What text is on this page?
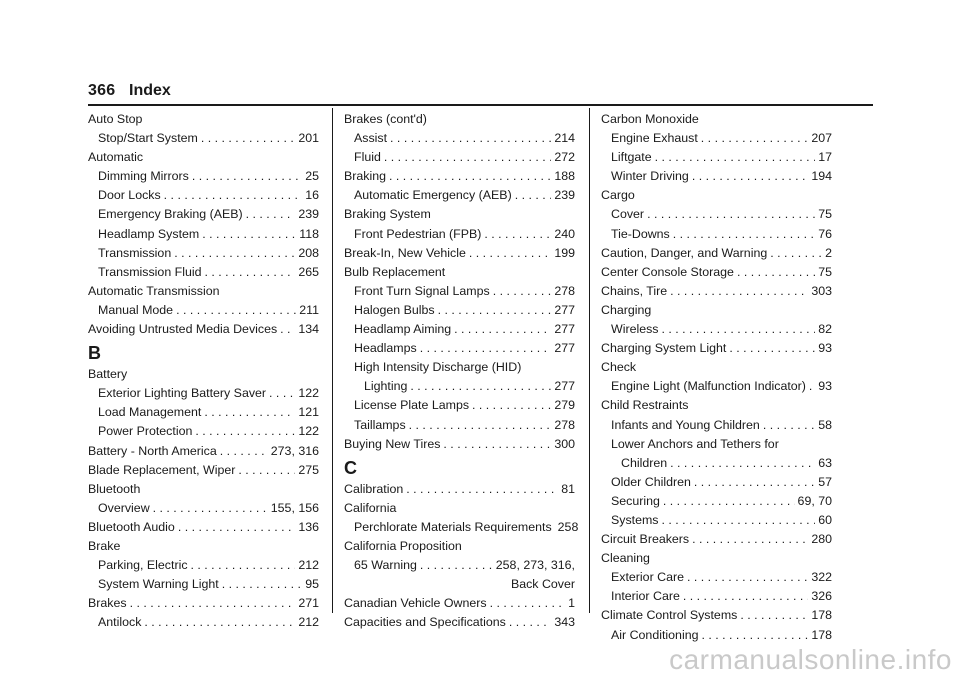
366 Index
Auto Stop
Stop/Start System . . .	201
Automatic
Dimming Mirrors . . .	25
Door Locks . . .	16
Emergency Braking (AEB) . . .	239
Headlamp System . . .	118
Transmission . . .	208
Transmission Fluid . . .	265
Automatic Transmission
Manual Mode . . .	211
Avoiding Untrusted Media Devices . . . 134
B
Battery
Exterior Lighting Battery Saver . . .	122
Load Management . . .	121
Power Protection . . .	122
Battery - North America . . .	273, 316
Blade Replacement, Wiper . . .	275
Bluetooth
Overview . . .	155, 156
Bluetooth Audio . . .	136
Brake
Parking, Electric . . .	212
System Warning Light . . .	95
Brakes . . .	271
Antilock . . .	212
Brakes (cont'd)
Assist . . .	214
Fluid . . .	272
Braking . . .	188
Automatic Emergency (AEB) . . .	239
Braking System
Front Pedestrian (FPB) . . .	240
Break-In, New Vehicle . . .	199
Bulb Replacement
Front Turn Signal Lamps . . .	278
Halogen Bulbs . . .	277
Headlamp Aiming . . .	277
Headlamps . . .	277
High Intensity Discharge (HID)
Lighting . . .	277
License Plate Lamps . . .	279
Taillamps . . .	278
Buying New Tires . . .	300
C
Calibration . . .	81
California
Perchlorate Materials Requirements 258
California Proposition
65 Warning . . .	258, 273, 316,
Back Cover
Canadian Vehicle Owners . . .	1
Capacities and Specifications . . .	343
Carbon Monoxide
Engine Exhaust . . .	207
Liftgate . . .	17
Winter Driving . . .	194
Cargo
Cover . . .	75
Tie-Downs . . .	76
Caution, Danger, and Warning . . .	2
Center Console Storage . . .	75
Chains, Tire . . .	303
Charging
Wireless . . .	82
Charging System Light . . .	93
Check
Engine Light (Malfunction Indicator) . . . 93
Child Restraints
Infants and Young Children . . .	58
Lower Anchors and Tethers for
Children . . .	63
Older Children . . .	57
Securing . . .	69, 70
Systems . . .	60
Circuit Breakers . . .	280
Cleaning
Exterior Care . . .	322
Interior Care . . .	326
Climate Control Systems . . .	178
Air Conditioning . . .	178
carmanualsonline.info
